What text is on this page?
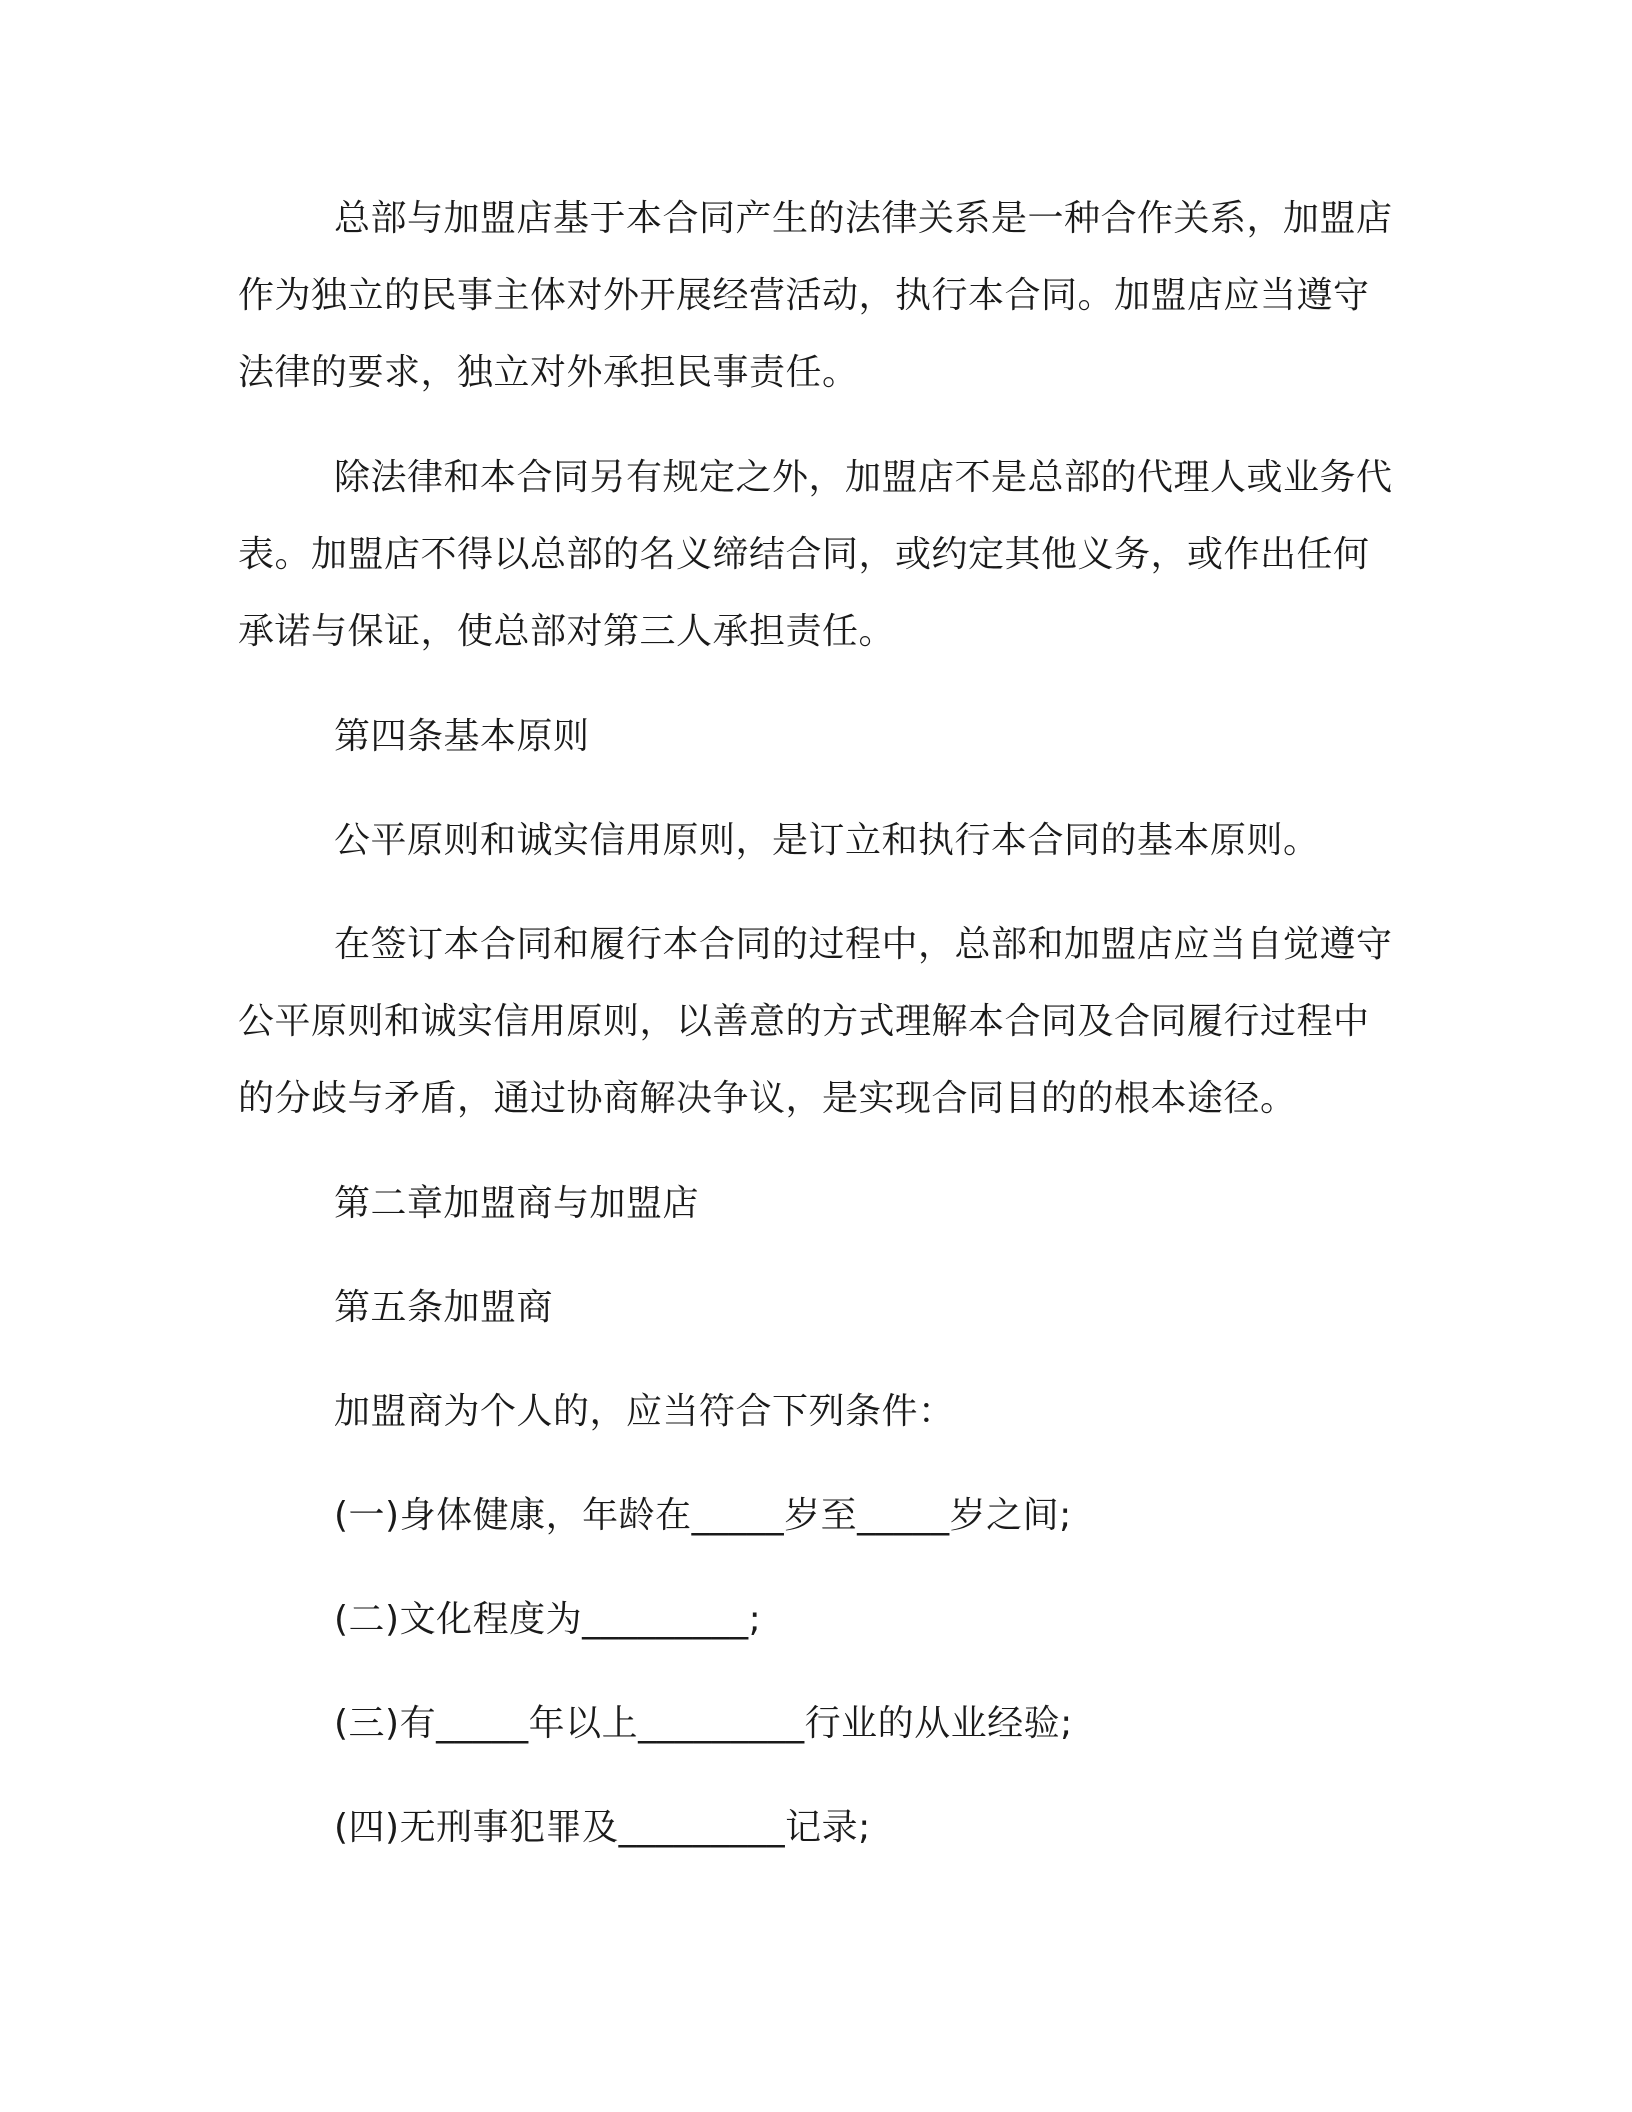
总部与加盟店基于本合同产生的法律关系是一种合作关系，加盟店作为独立的民事主体对外开展经营活动，执行本合同。加盟店应当遵守法律的要求，独立对外承担民事责任。

除法律和本合同另有规定之外，加盟店不是总部的代理人或业务代表。加盟店不得以总部的名义缔结合同，或约定其他义务，或作出任何承诺与保证，使总部对第三人承担责任。

第四条基本原则

公平原则和诚实信用原则，是订立和执行本合同的基本原则。

在签订本合同和履行本合同的过程中，总部和加盟店应当自觉遵守公平原则和诚实信用原则，以善意的方式理解本合同及合同履行过程中的分歧与矛盾，通过协商解决争议，是实现合同目的的根本途径。

第二章加盟商与加盟店

第五条加盟商

加盟商为个人的，应当符合下列条件：

(一)身体健康，年龄在_____岁至_____岁之间;

(二)文化程度为_________;

(三)有_____年以上_________行业的从业经验;

(四)无刑事犯罪及_________记录;
